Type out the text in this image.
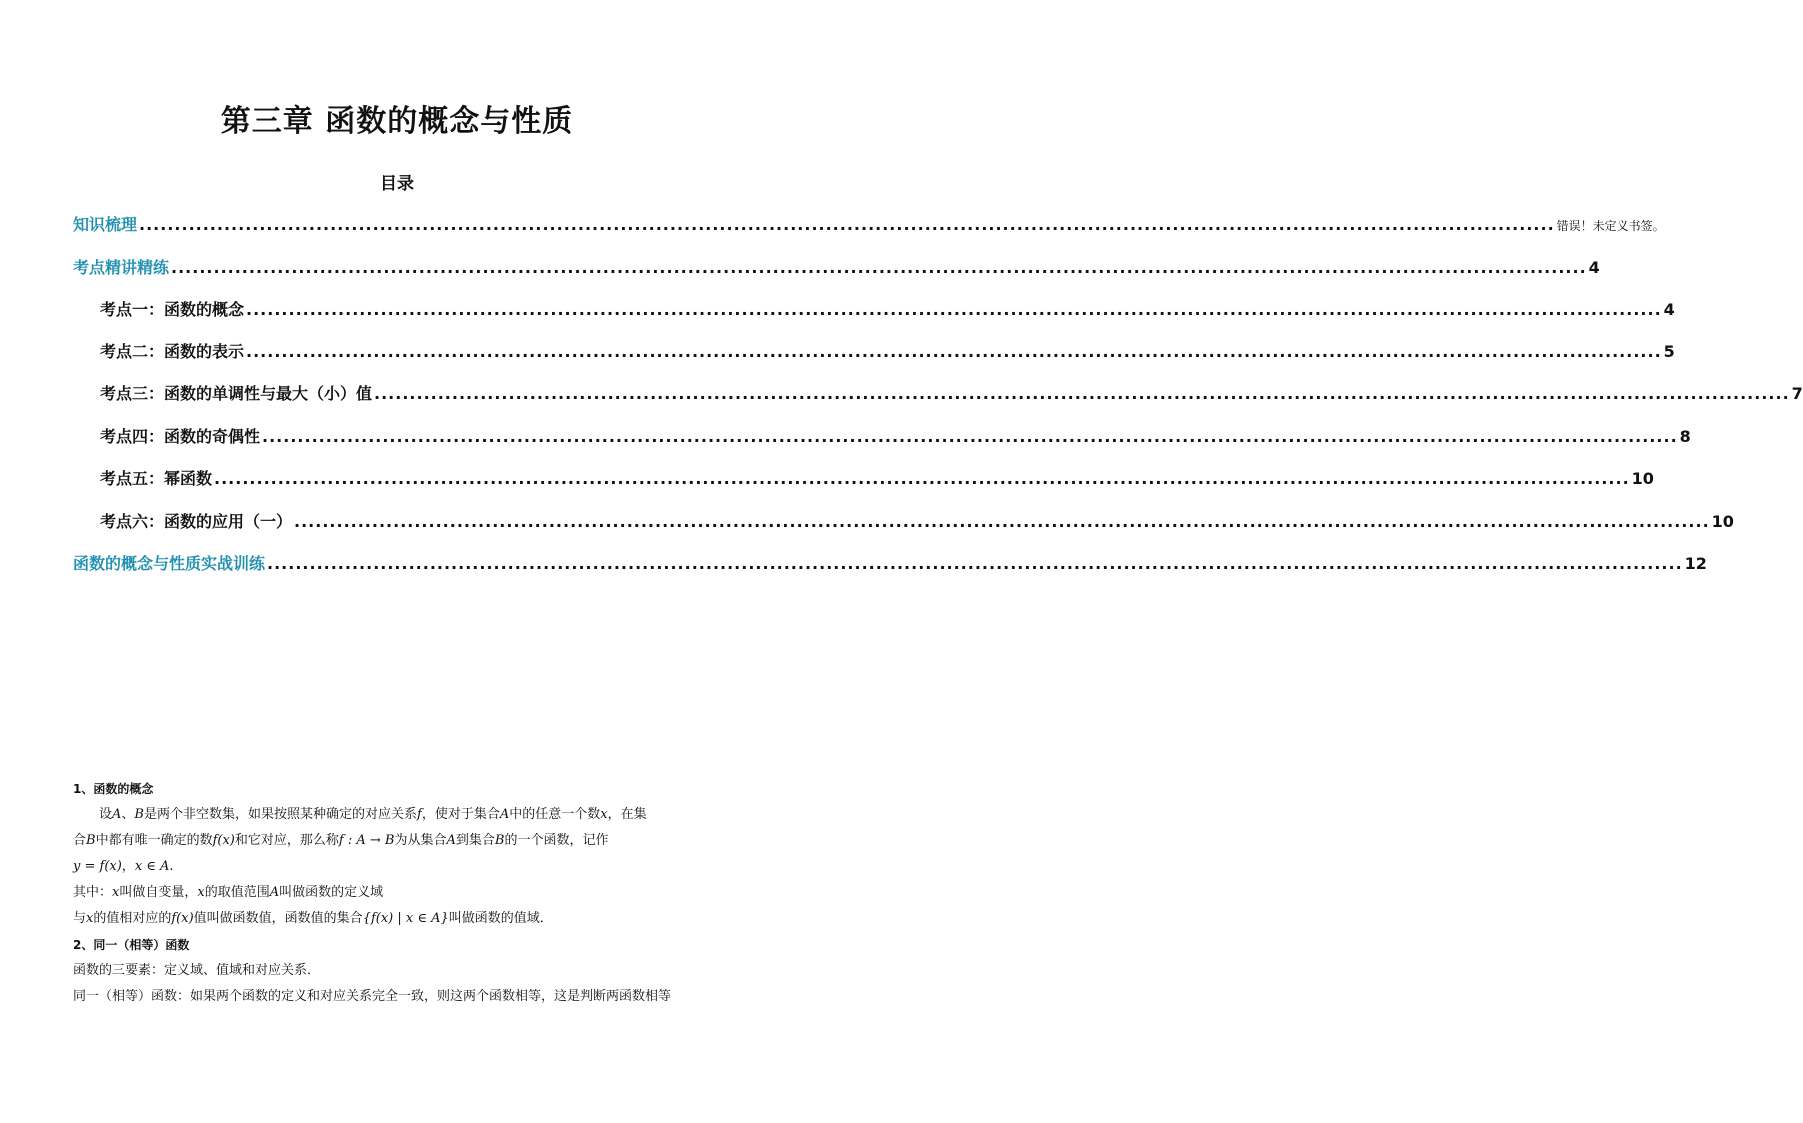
第三章 函数的概念与性质
目录
知识梳理 ........................................................................................................................................................................................................ 错误！未定义书签。
考点精讲精练 ........................................................................................................................................................................................................ 4
考点一：函数的概念 ........................................................................................................................................................................................................ 4
考点二：函数的表示 ........................................................................................................................................................................................................ 5
考点三：函数的单调性与最大（小）值 ........................................................................................................................................................................................................ 7
考点四：函数的奇偶性 ........................................................................................................................................................................................................ 8
考点五：幂函数 ........................................................................................................................................................................................................ 10
考点六：函数的应用（一） ........................................................................................................................................................................................................ 10
函数的概念与性质实战训练 ........................................................................................................................................................................................................ 12

1、函数的概念

设A、B是两个非空数集，如果按照某种确定的对应关系f，使对于集合A中的任意一个数x，在集

合B中都有唯一确定的数f(x)和它对应，那么称f : A → B为从集合A到集合B的一个函数，记作

y = f(x)，x ∈ A.

其中：x叫做自变量，x的取值范围A叫做函数的定义域

与x的值相对应的f(x)值叫做函数值，函数值的集合{f(x) | x ∈ A}叫做函数的值域．

2、同一（相等）函数

函数的三要素：定义域、值域和对应关系．

同一（相等）函数：如果两个函数的定义和对应关系完全一致，则这两个函数相等，这是判断两函数相等
